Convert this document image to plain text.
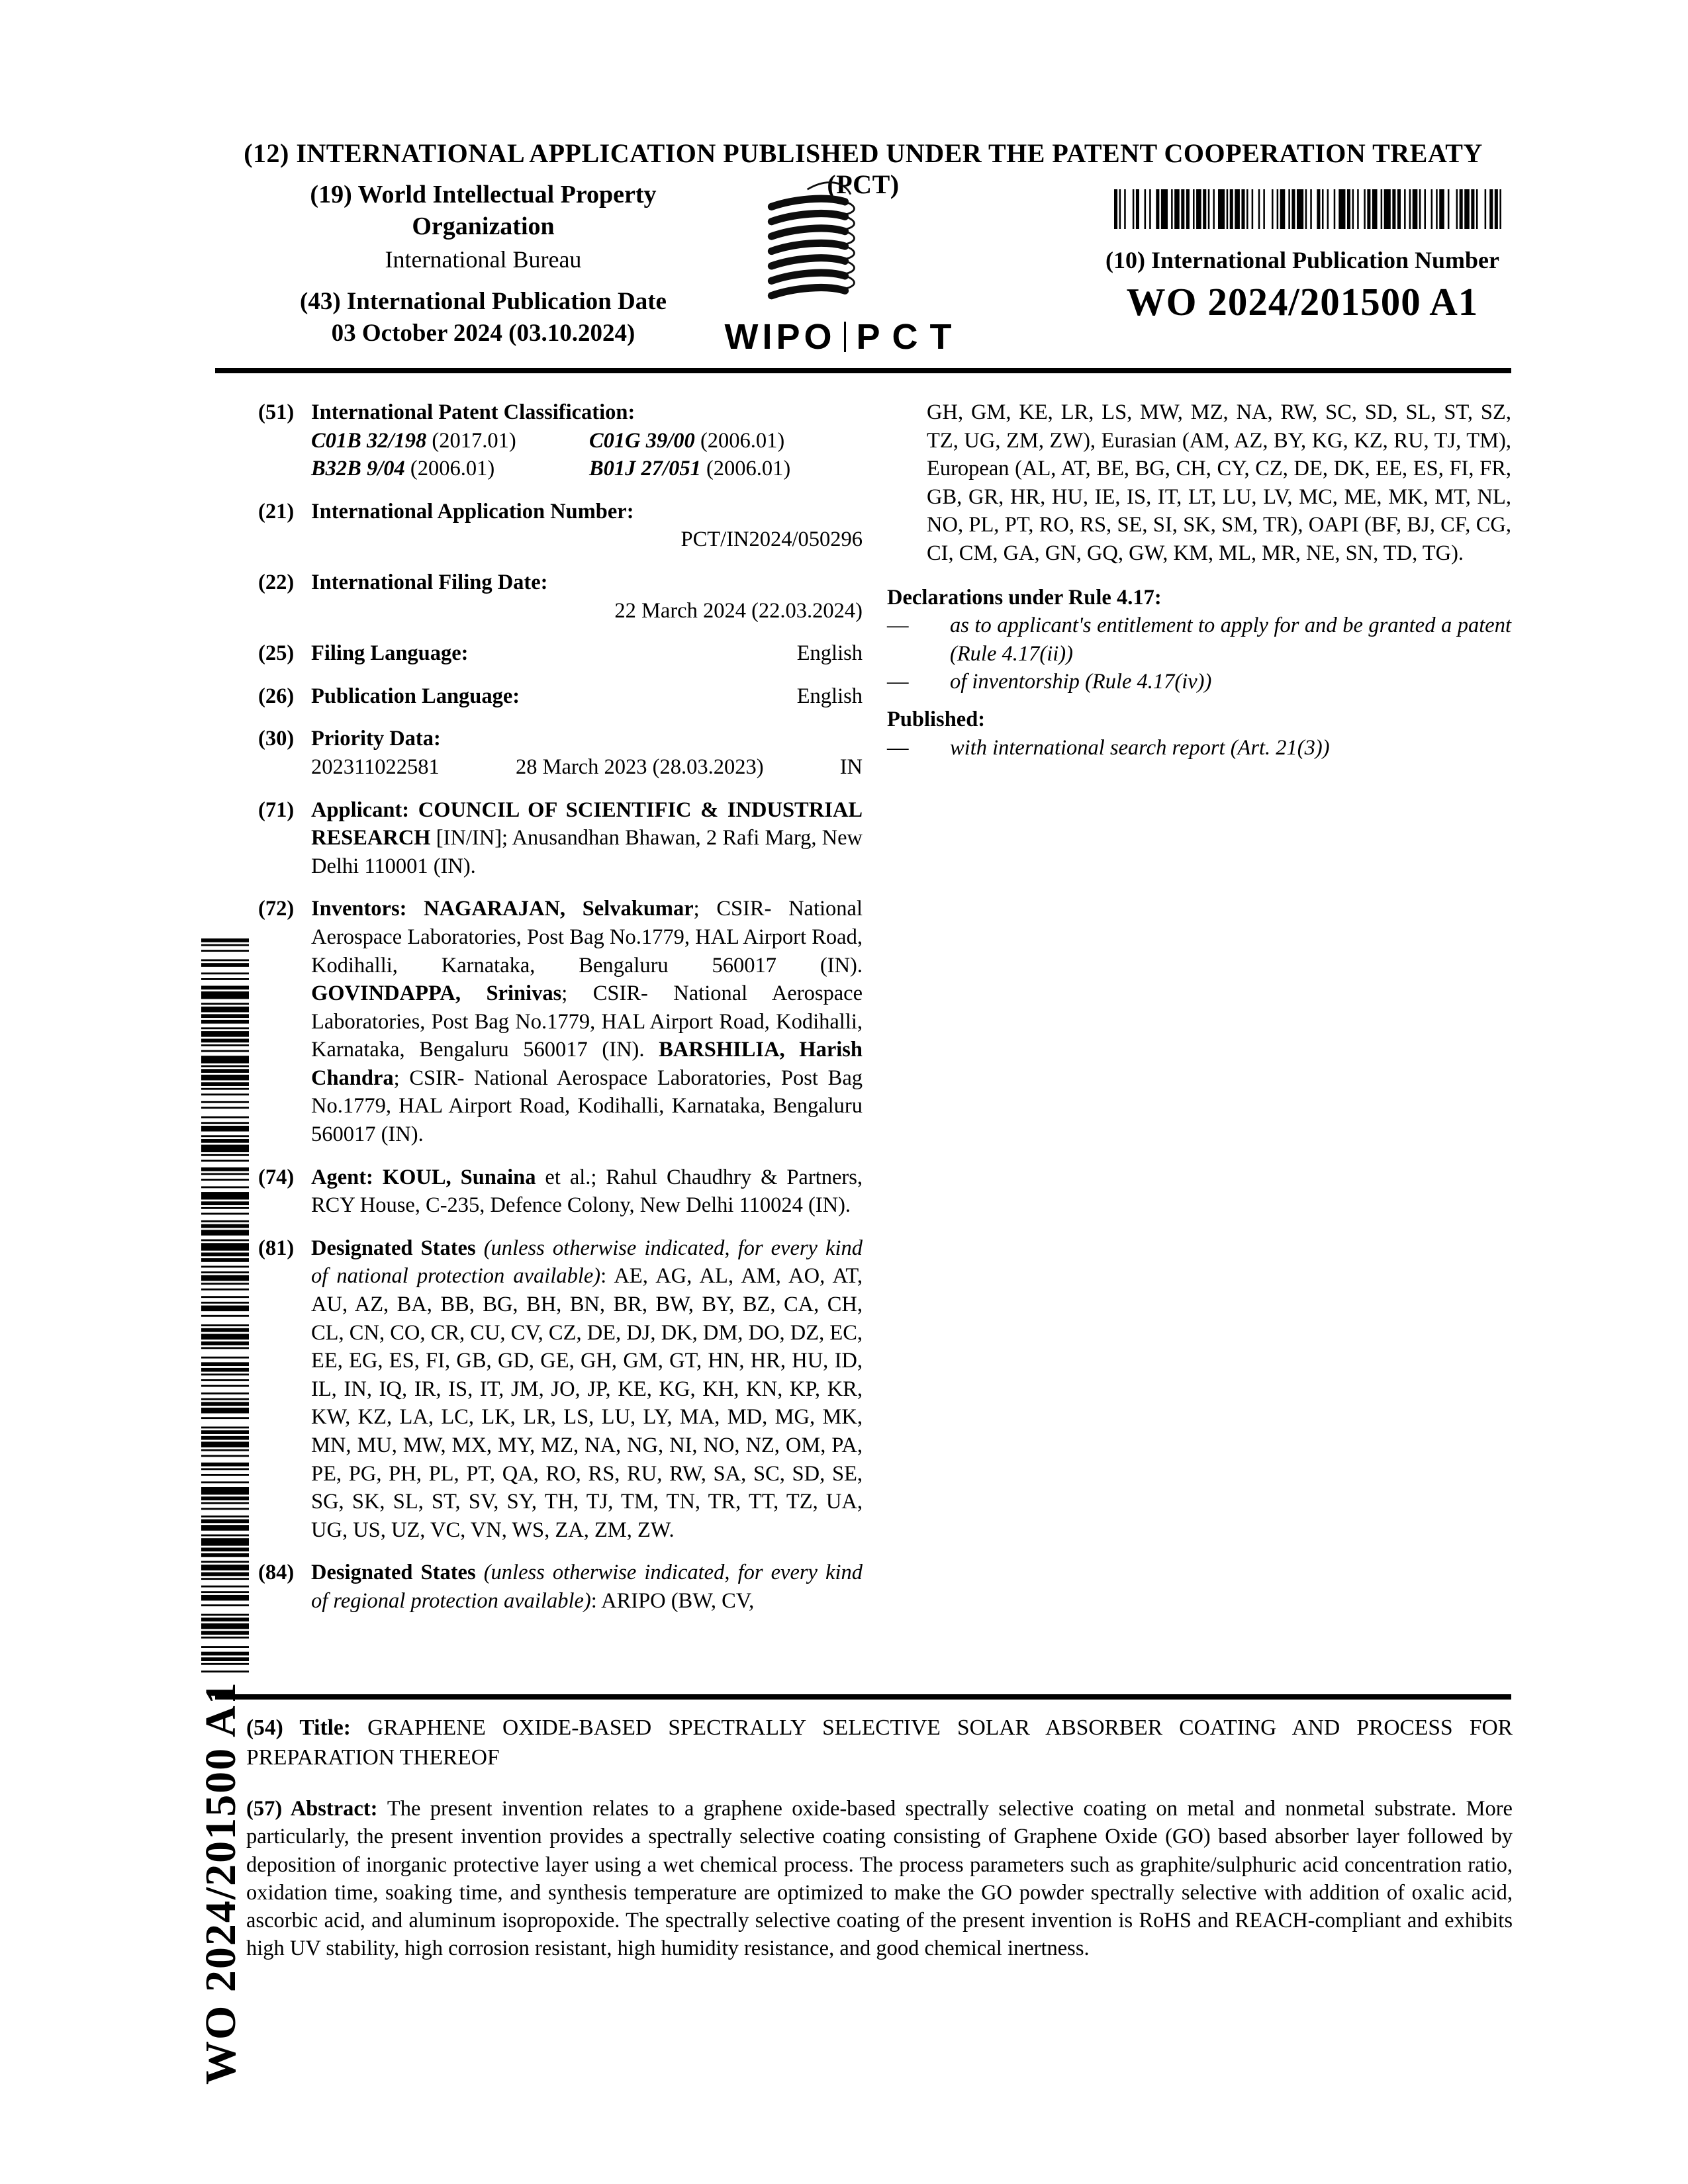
(12) INTERNATIONAL APPLICATION PUBLISHED UNDER THE PATENT COOPERATION TREATY (PCT)
(19) World Intellectual Property
Organization
International Bureau
(43) International Publication Date
03 October 2024 (03.10.2024)	WIPO PCT
(10) International Publication Number
WO 2024/201500 A1
(51) International Patent Classification:
C01B 32/198 (2017.01)	C01G 39/00 (2006.01)
B32B 9/04 (2006.01)	B01J 27/051 (2006.01)
(21) International Application Number:
PCT/IN2024/050296
(22) International Filing Date:
22 March 2024 (22.03.2024)
(25) Filing Language:	English
(26) Publication Language:	English
(30) Priority Data:
202311022581	28 March 2023 (28.03.2023)	IN
(71) Applicant: COUNCIL OF SCIENTIFIC & INDUSTRIAL RESEARCH [IN/IN]; Anusandhan Bhawan, 2 Rafi Marg, New Delhi 110001 (IN).
(72) Inventors: NAGARAJAN, Selvakumar; CSIR- National Aerospace Laboratories, Post Bag No.1779, HAL Airport Road, Kodihalli, Karnataka, Bengaluru 560017 (IN). GOVINDAPPA, Srinivas; CSIR- National Aerospace Laboratories, Post Bag No.1779, HAL Airport Road, Kodihalli, Karnataka, Bengaluru 560017 (IN). BARSHILIA, Harish Chandra; CSIR- National Aerospace Laboratories, Post Bag No.1779, HAL Airport Road, Kodihalli, Karnataka, Bengaluru 560017 (IN).
(74) Agent: KOUL, Sunaina et al.; Rahul Chaudhry & Partners, RCY House, C-235, Defence Colony, New Delhi 110024 (IN).
(81) Designated States (unless otherwise indicated, for every kind of national protection available): AE, AG, AL, AM, AO, AT, AU, AZ, BA, BB, BG, BH, BN, BR, BW, BY, BZ, CA, CH, CL, CN, CO, CR, CU, CV, CZ, DE, DJ, DK, DM, DO, DZ, EC, EE, EG, ES, FI, GB, GD, GE, GH, GM, GT, HN, HR, HU, ID, IL, IN, IQ, IR, IS, IT, JM, JO, JP, KE, KG, KH, KN, KP, KR, KW, KZ, LA, LC, LK, LR, LS, LU, LY, MA, MD, MG, MK, MN, MU, MW, MX, MY, MZ, NA, NG, NI, NO, NZ, OM, PA, PE, PG, PH, PL, PT, QA, RO, RS, RU, RW, SA, SC, SD, SE, SG, SK, SL, ST, SV, SY, TH, TJ, TM, TN, TR, TT, TZ, UA, UG, US, UZ, VC, VN, WS, ZA, ZM, ZW.
(84) Designated States (unless otherwise indicated, for every kind of regional protection available): ARIPO (BW, CV,
GH, GM, KE, LR, LS, MW, MZ, NA, RW, SC, SD, SL, ST, SZ, TZ, UG, ZM, ZW), Eurasian (AM, AZ, BY, KG, KZ, RU, TJ, TM), European (AL, AT, BE, BG, CH, CY, CZ, DE, DK, EE, ES, FI, FR, GB, GR, HR, HU, IE, IS, IT, LT, LU, LV, MC, ME, MK, MT, NL, NO, PL, PT, RO, RS, SE, SI, SK, SM, TR), OAPI (BF, BJ, CF, CG, CI, CM, GA, GN, GQ, GW, KM, ML, MR, NE, SN, TD, TG).
Declarations under Rule 4.17:
—	as to applicant's entitlement to apply for and be granted a patent (Rule 4.17(ii))
—	of inventorship (Rule 4.17(iv))
Published:
—	with international search report (Art. 21(3))
(54) Title: GRAPHENE OXIDE-BASED SPECTRALLY SELECTIVE SOLAR ABSORBER COATING AND PROCESS FOR PREPARATION THEREOF
(57) Abstract: The present invention relates to a graphene oxide-based spectrally selective coating on metal and nonmetal substrate. More particularly, the present invention provides a spectrally selective coating consisting of Graphene Oxide (GO) based absorber layer followed by deposition of inorganic protective layer using a wet chemical process. The process parameters such as graphite/sulphuric acid concentration ratio, oxidation time, soaking time, and synthesis temperature are optimized to make the GO powder spectrally selective with addition of oxalic acid, ascorbic acid, and aluminum isopropoxide. The spectrally selective coating of the present invention is RoHS and REACH-compliant and exhibits high UV stability, high corrosion resistant, high humidity resistance, and good chemical inertness.
WO 2024/201500 A1
